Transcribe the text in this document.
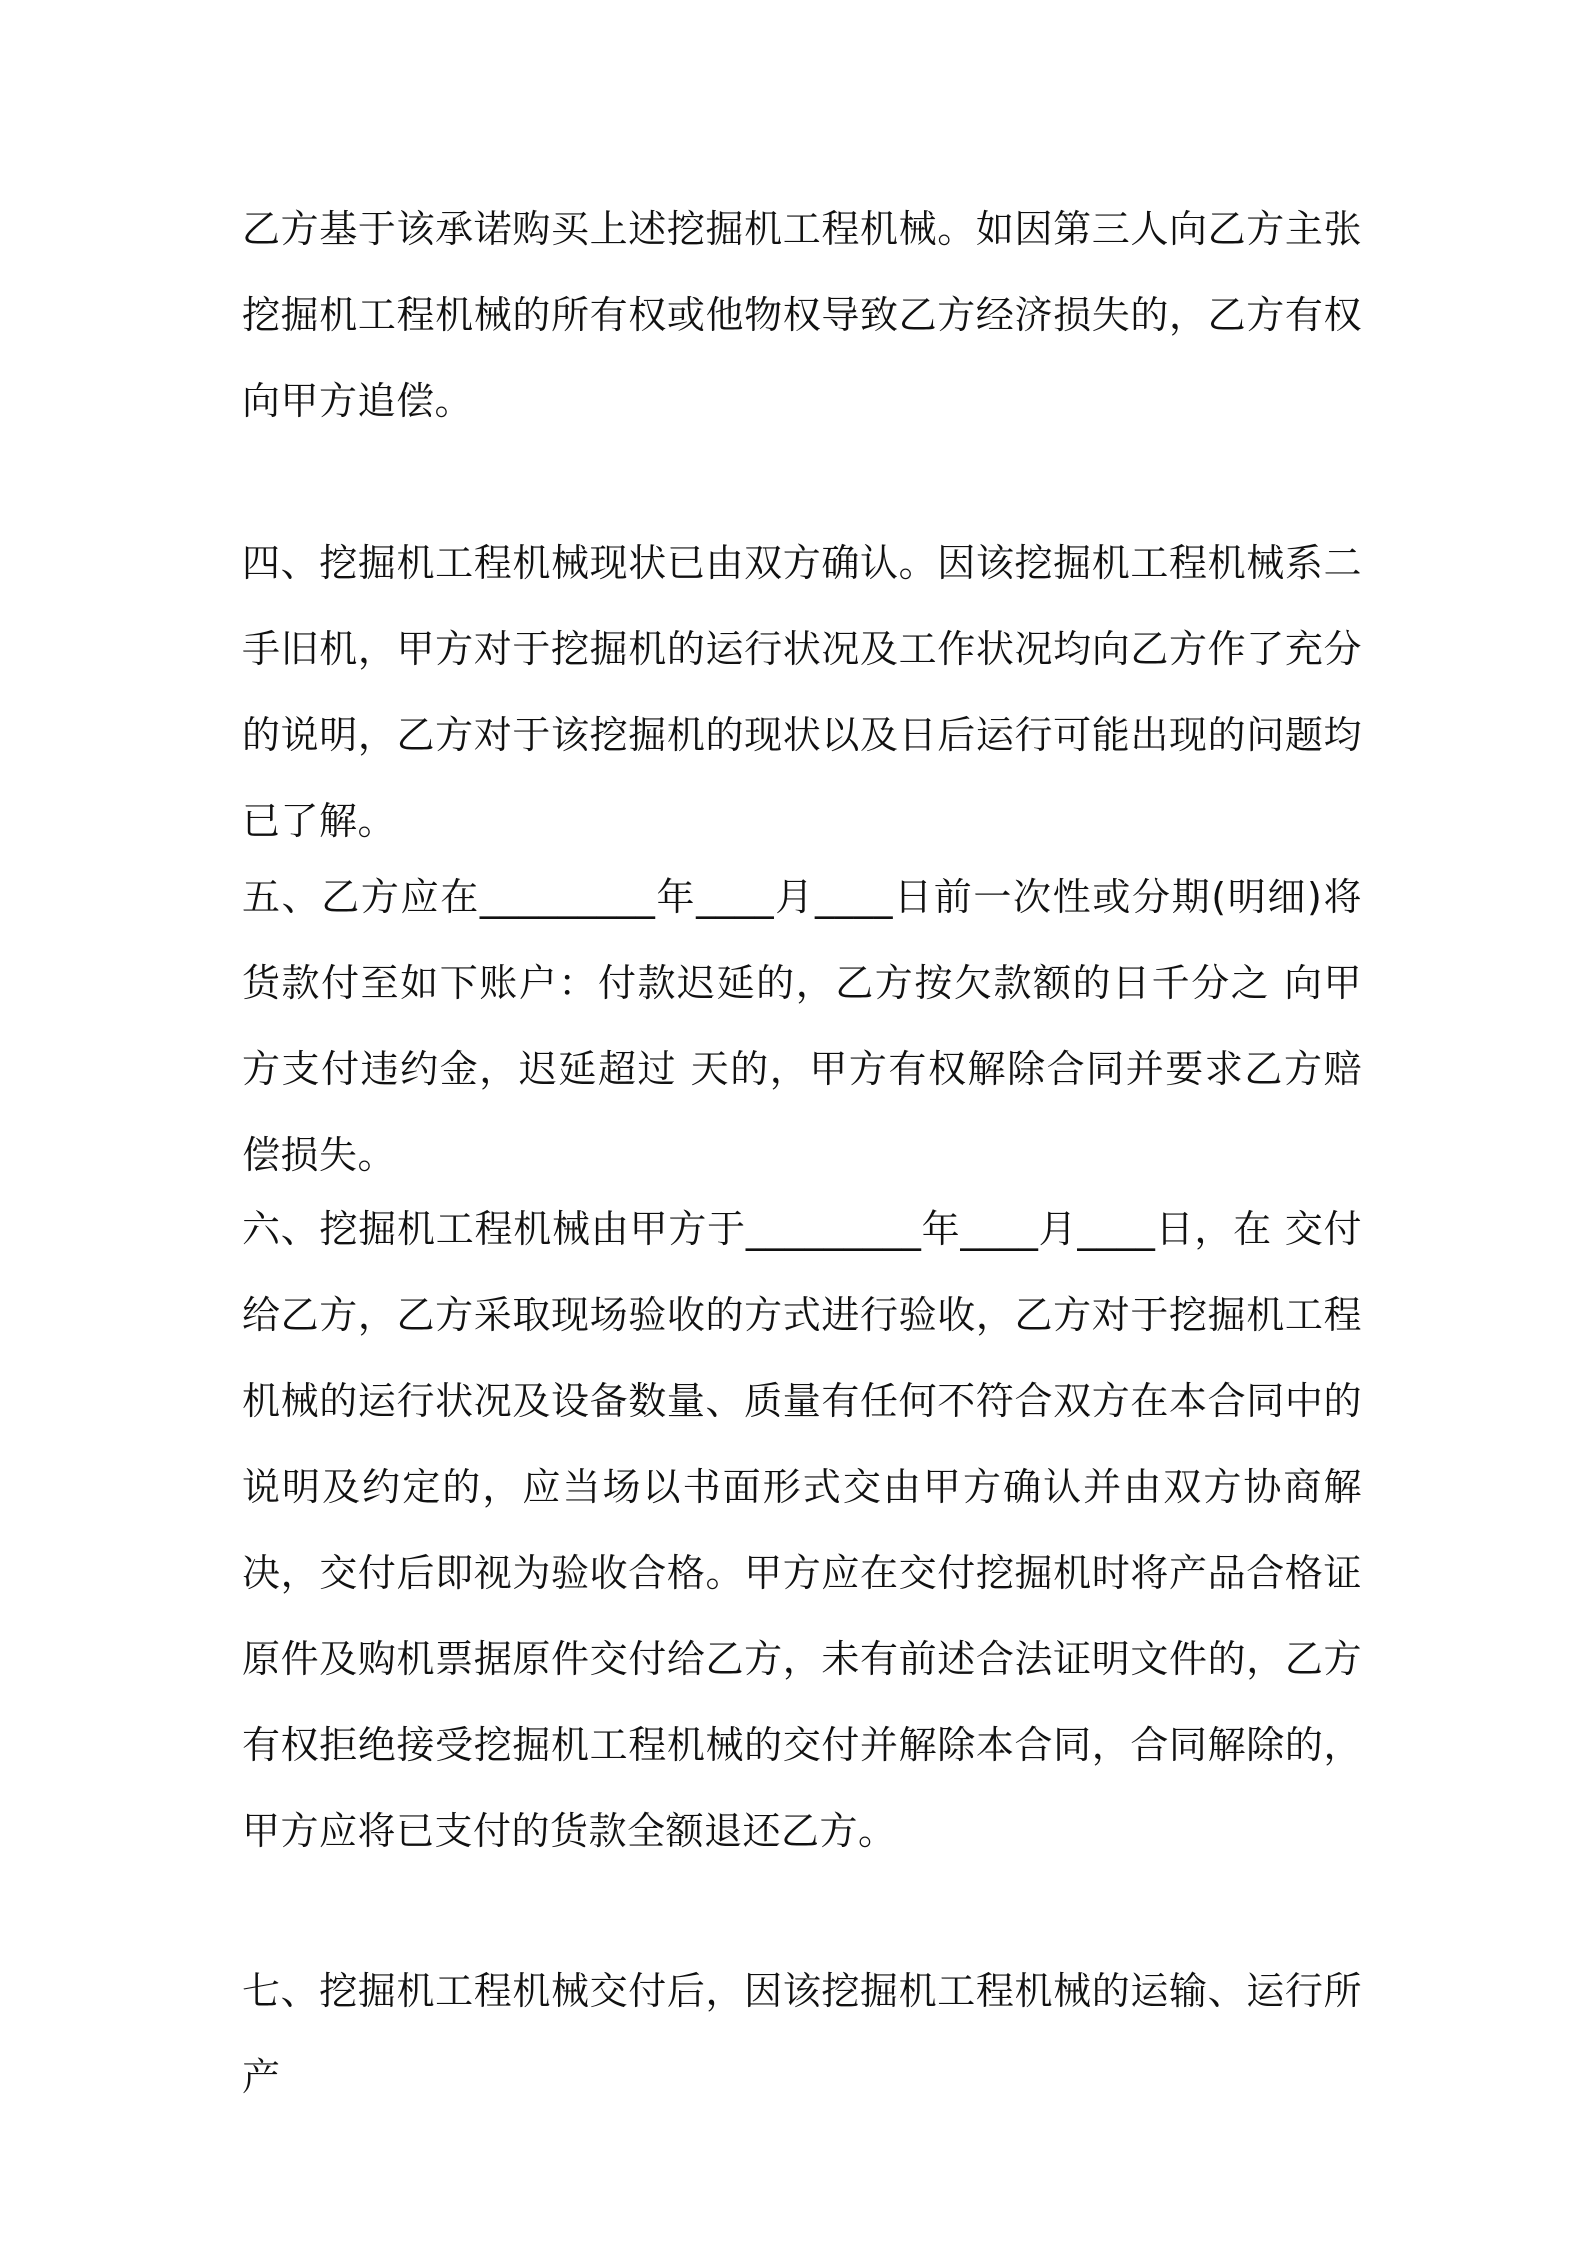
乙方基于该承诺购买上述挖掘机工程机械。如因第三人向乙方主张挖掘机工程机械的所有权或他物权导致乙方经济损失的，乙方有权向甲方追偿。

四、挖掘机工程机械现状已由双方确认。因该挖掘机工程机械系二手旧机，甲方对于挖掘机的运行状况及工作状况均向乙方作了充分的说明，乙方对于该挖掘机的现状以及日后运行可能出现的问题均已了解。

五、乙方应在_________年____月____日前一次性或分期(明细)将货款付至如下账户：付款迟延的，乙方按欠款额的日千分之 向甲方支付违约金，迟延超过 天的，甲方有权解除合同并要求乙方赔偿损失。

六、挖掘机工程机械由甲方于_________年____月____日，在 交付给乙方，乙方采取现场验收的方式进行验收，乙方对于挖掘机工程机械的运行状况及设备数量、质量有任何不符合双方在本合同中的说明及约定的，应当场以书面形式交由甲方确认并由双方协商解决，交付后即视为验收合格。甲方应在交付挖掘机时将产品合格证原件及购机票据原件交付给乙方，未有前述合法证明文件的，乙方有权拒绝接受挖掘机工程机械的交付并解除本合同，合同解除的，甲方应将已支付的货款全额退还乙方。

七、挖掘机工程机械交付后，因该挖掘机工程机械的运输、运行所产
